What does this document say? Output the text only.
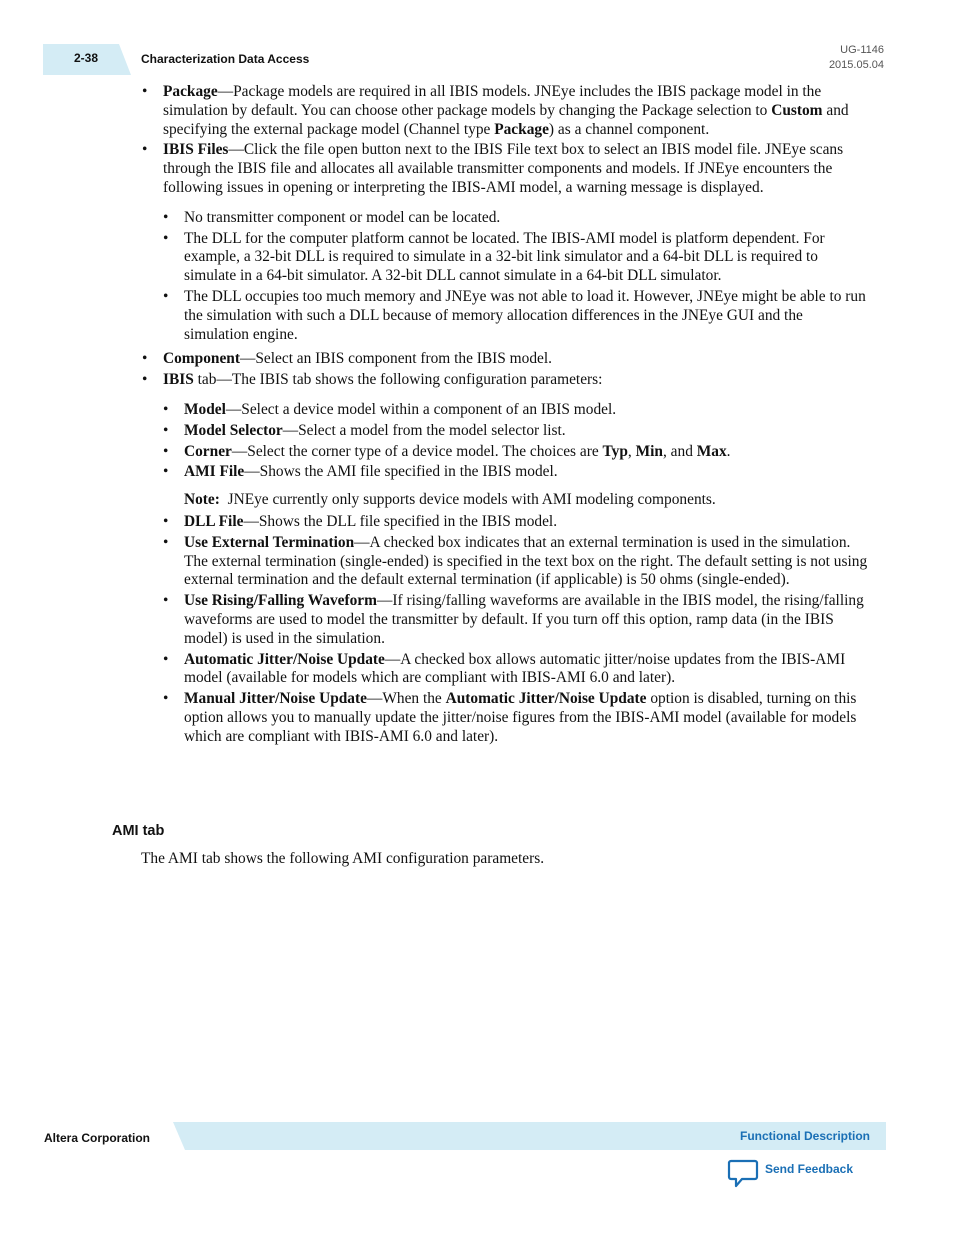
2-38	Characterization Data Access
UG-1146
2015.05.04
• Package—Package models are required in all IBIS models. JNEye includes the IBIS package model in the simulation by default. You can choose other package models by changing the Package selection to Custom and specifying the external package model (Channel type Package) as a channel component.
• IBIS Files—Click the file open button next to the IBIS File text box to select an IBIS model file. JNEye scans through the IBIS file and allocates all available transmitter components and models. If JNEye encounters the following issues in opening or interpreting the IBIS-AMI model, a warning message is displayed.
• No transmitter component or model can be located.
• The DLL for the computer platform cannot be located. The IBIS-AMI model is platform dependent. For example, a 32-bit DLL is required to simulate in a 32-bit link simulator and a 64-bit DLL is required to simulate in a 64-bit simulator. A 32-bit DLL cannot simulate in a 64-bit DLL simulator.
• The DLL occupies too much memory and JNEye was not able to load it. However, JNEye might be able to run the simulation with such a DLL because of memory allocation differences in the JNEye GUI and the simulation engine.
• Component—Select an IBIS component from the IBIS model.
• IBIS tab—The IBIS tab shows the following configuration parameters:
• Model—Select a device model within a component of an IBIS model.
• Model Selector—Select a model from the model selector list.
• Corner—Select the corner type of a device model. The choices are Typ, Min, and Max.
• AMI File—Shows the AMI file specified in the IBIS model.
Note:  JNEye currently only supports device models with AMI modeling components.
• DLL File—Shows the DLL file specified in the IBIS model.
• Use External Termination—A checked box indicates that an external termination is used in the simulation. The external termination (single-ended) is specified in the text box on the right. The default setting is not using external termination and the default external termination (if applicable) is 50 ohms (single-ended).
• Use Rising/Falling Waveform—If rising/falling waveforms are available in the IBIS model, the rising/falling waveforms are used to model the transmitter by default. If you turn off this option, ramp data (in the IBIS model) is used in the simulation.
• Automatic Jitter/Noise Update—A checked box allows automatic jitter/noise updates from the IBIS-AMI model (available for models which are compliant with IBIS-AMI 6.0 and later).
• Manual Jitter/Noise Update—When the Automatic Jitter/Noise Update option is disabled, turning on this option allows you to manually update the jitter/noise figures from the IBIS-AMI model (available for models which are compliant with IBIS-AMI 6.0 and later).
AMI tab
The AMI tab shows the following AMI configuration parameters.
Altera Corporation	Functional Description
Send Feedback
